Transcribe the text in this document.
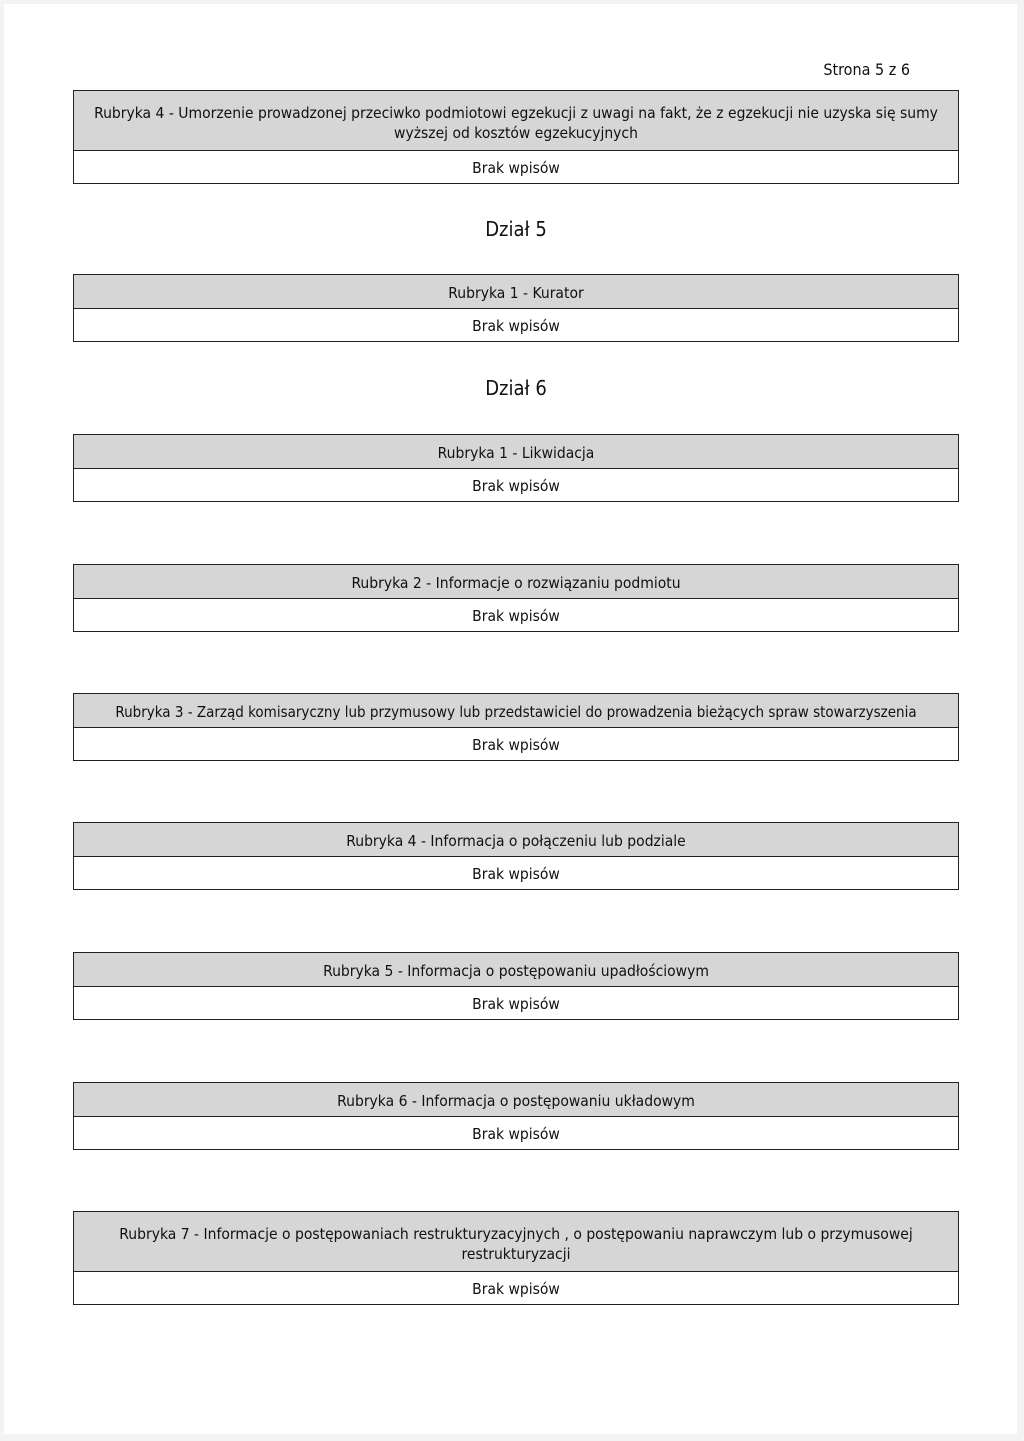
Strona 5 z 6
Rubryka 4 - Umorzenie prowadzonej przeciwko podmiotowi egzekucji z uwagi na fakt, że z egzekucji nie uzyska się sumy wyższej od kosztów egzekucyjnych
Brak wpisów
Dział 5
Rubryka 1 - Kurator
Brak wpisów
Dział 6
Rubryka 1 - Likwidacja
Brak wpisów
Rubryka 2 - Informacje o rozwiązaniu podmiotu
Brak wpisów
Rubryka 3 - Zarząd komisaryczny lub przymusowy lub przedstawiciel do prowadzenia bieżących spraw stowarzyszenia
Brak wpisów
Rubryka 4 - Informacja o połączeniu lub podziale
Brak wpisów
Rubryka 5 - Informacja o postępowaniu upadłościowym
Brak wpisów
Rubryka 6 - Informacja o postępowaniu układowym
Brak wpisów
Rubryka 7 - Informacje o postępowaniach restrukturyzacyjnych , o postępowaniu naprawczym lub o przymusowej restrukturyzacji
Brak wpisów
